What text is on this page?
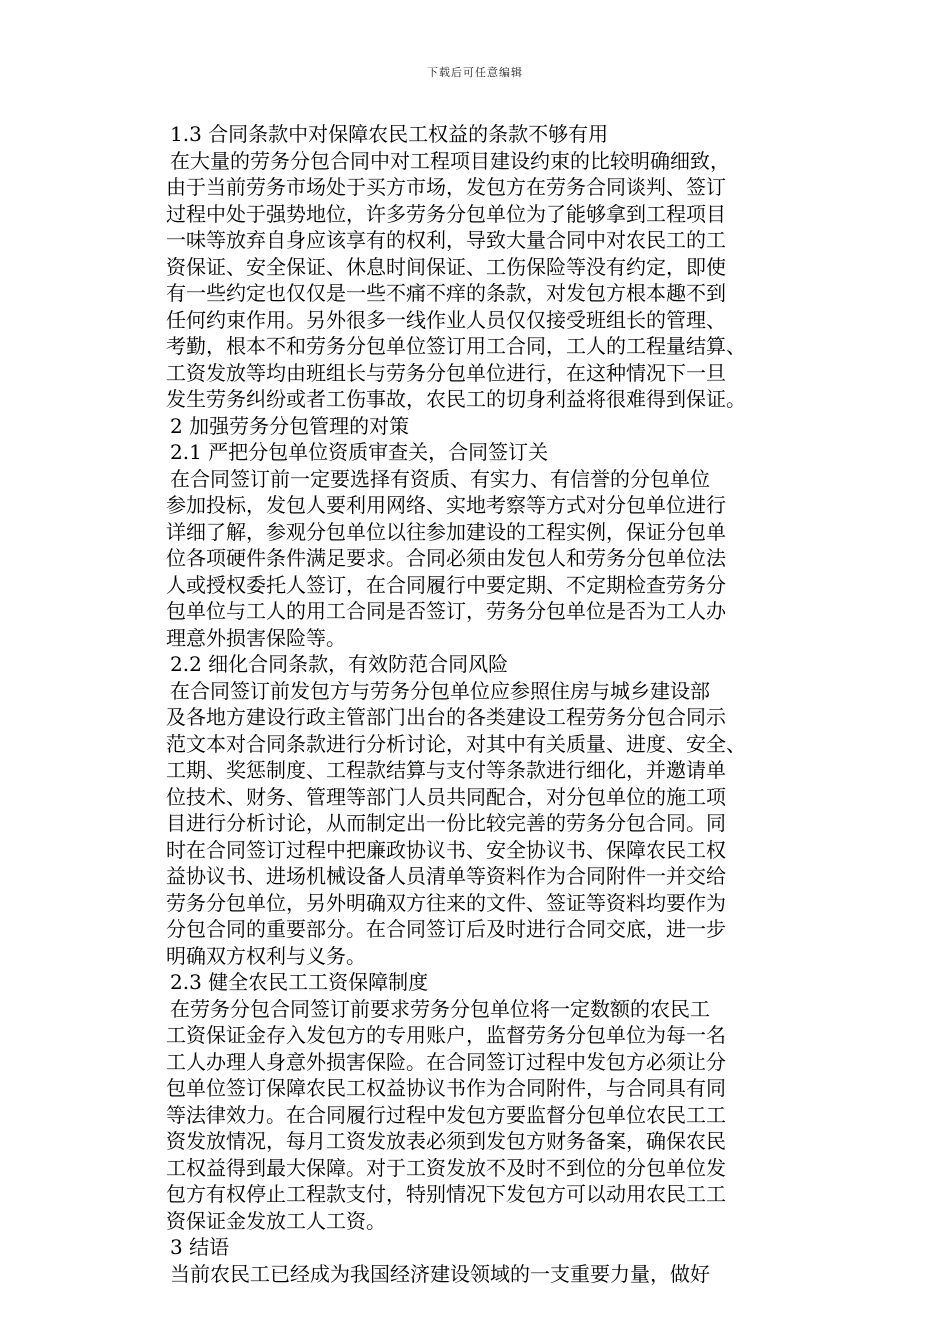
下载后可任意编辑
1.3 合同条款中对保障农民工权益的条款不够有用
在大量的劳务分包合同中对工程项目建设约束的比较明确细致，
由于当前劳务市场处于买方市场，发包方在劳务合同谈判、签订
过程中处于强势地位，许多劳务分包单位为了能够拿到工程项目
一味等放弃自身应该享有的权利，导致大量合同中对农民工的工
资保证、安全保证、休息时间保证、工伤保险等没有约定，即使
有一些约定也仅仅是一些不痛不痒的条款，对发包方根本趣不到
任何约束作用。另外很多一线作业人员仅仅接受班组长的管理、
考勤，根本不和劳务分包单位签订用工合同，工人的工程量结算、
工资发放等均由班组长与劳务分包单位进行，在这种情况下一旦
发生劳务纠纷或者工伤事故，农民工的切身利益将很难得到保证。
2 加强劳务分包管理的对策
2.1 严把分包单位资质审查关，合同签订关
在合同签订前一定要选择有资质、有实力、有信誉的分包单位
参加投标，发包人要利用网络、实地考察等方式对分包单位进行
详细了解，参观分包单位以往参加建设的工程实例，保证分包单
位各项硬件条件满足要求。合同必须由发包人和劳务分包单位法
人或授权委托人签订，在合同履行中要定期、不定期检查劳务分
包单位与工人的用工合同是否签订，劳务分包单位是否为工人办
理意外损害保险等。
2.2 细化合同条款，有效防范合同风险
在合同签订前发包方与劳务分包单位应参照住房与城乡建设部
及各地方建设行政主管部门出台的各类建设工程劳务分包合同示
范文本对合同条款进行分析讨论，对其中有关质量、进度、安全、
工期、奖惩制度、工程款结算与支付等条款进行细化，并邀请单
位技术、财务、管理等部门人员共同配合，对分包单位的施工项
目进行分析讨论，从而制定出一份比较完善的劳务分包合同。同
时在合同签订过程中把廉政协议书、安全协议书、保障农民工权
益协议书、进场机械设备人员清单等资料作为合同附件一并交给
劳务分包单位，另外明确双方往来的文件、签证等资料均要作为
分包合同的重要部分。在合同签订后及时进行合同交底，进一步
明确双方权利与义务。
2.3 健全农民工工资保障制度
在劳务分包合同签订前要求劳务分包单位将一定数额的农民工
工资保证金存入发包方的专用账户，监督劳务分包单位为每一名
工人办理人身意外损害保险。在合同签订过程中发包方必须让分
包单位签订保障农民工权益协议书作为合同附件，与合同具有同
等法律效力。在合同履行过程中发包方要监督分包单位农民工工
资发放情况，每月工资发放表必须到发包方财务备案，确保农民
工权益得到最大保障。对于工资发放不及时不到位的分包单位发
包方有权停止工程款支付，特别情况下发包方可以动用农民工工
资保证金发放工人工资。
3 结语
当前农民工已经成为我国经济建设领域的一支重要力量，做好
